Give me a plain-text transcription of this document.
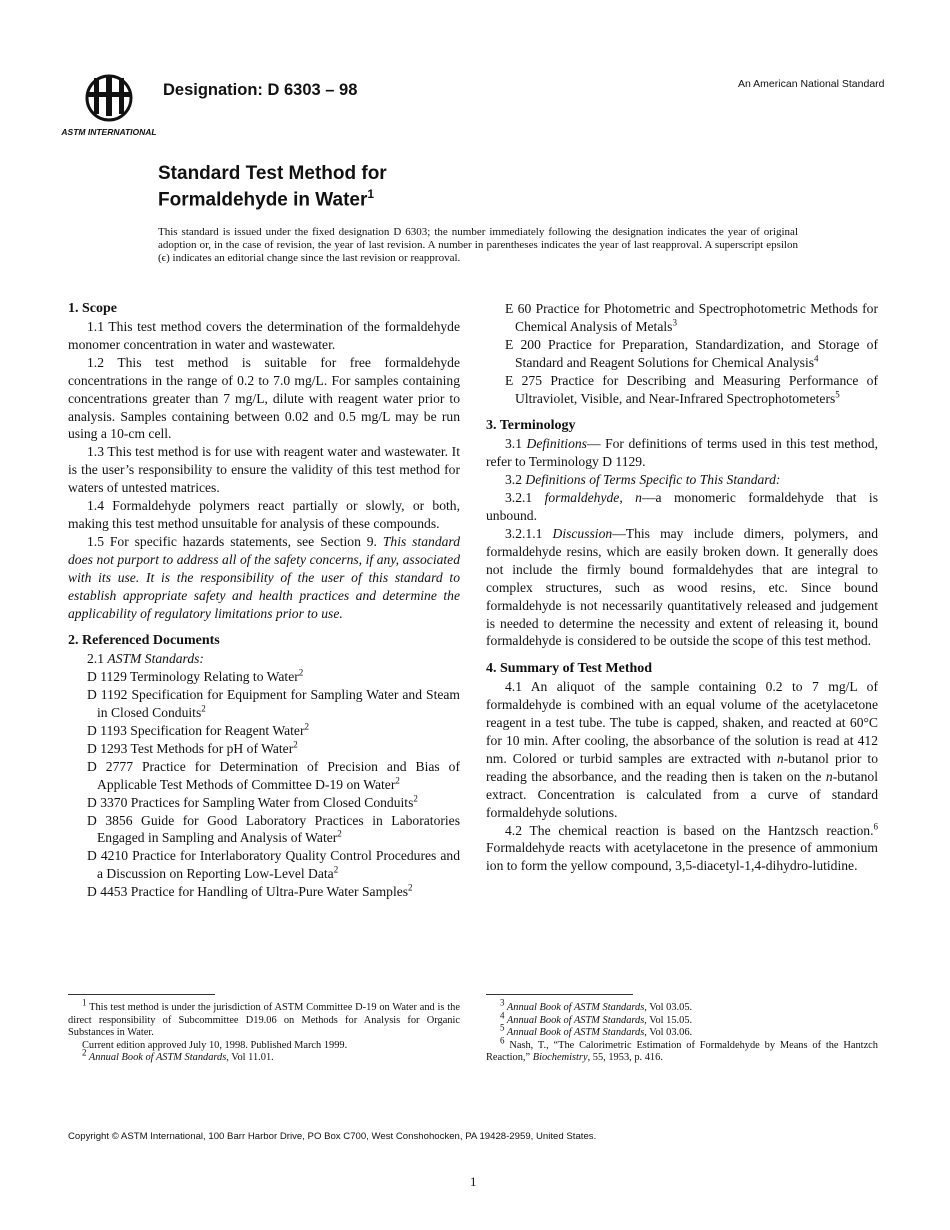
ASTM INTERNATIONAL
Designation: D 6303 – 98	An American National Standard
Standard Test Method for
Formaldehyde in Water$^1$
This standard is issued under the fixed designation D 6303; the number immediately following the designation indicates the year of original adoption or, in the case of revision, the year of last revision. A number in parentheses indicates the year of last reapproval. A superscript epsilon (ϵ) indicates an editorial change since the last revision or reapproval.
1. Scope

1.1 This test method covers the determination of the formaldehyde monomer concentration in water and wastewater.

1.2 This test method is suitable for free formaldehyde concentrations in the range of 0.2 to 7.0 mg/L. For samples containing concentrations greater than 7 mg/L, dilute with reagent water prior to analysis. Samples containing between 0.02 and 0.5 mg/L may be run using a 10-cm cell.

1.3 This test method is for use with reagent water and wastewater. It is the user’s responsibility to ensure the validity of this test method for waters of untested matrices.

1.4 Formaldehyde polymers react partially or slowly, or both, making this test method unsuitable for analysis of these compounds.

1.5 For specific hazards statements, see Section 9. This standard does not purport to address all of the safety concerns, if any, associated with its use. It is the responsibility of the user of this standard to establish appropriate safety and health practices and determine the applicability of regulatory limitations prior to use.

2. Referenced Documents

2.1 ASTM Standards:

D 1129 Terminology Relating to Water$^2$

D 1192 Specification for Equipment for Sampling Water and Steam in Closed Conduits$^2$

D 1193 Specification for Reagent Water$^2$

D 1293 Test Methods for pH of Water$^2$

D 2777 Practice for Determination of Precision and Bias of Applicable Test Methods of Committee D-19 on Water$^2$

D 3370 Practices for Sampling Water from Closed Conduits$^2$

D 3856 Guide for Good Laboratory Practices in Laboratories Engaged in Sampling and Analysis of Water$^2$

D 4210 Practice for Interlaboratory Quality Control Procedures and a Discussion on Reporting Low-Level Data$^2$

D 4453 Practice for Handling of Ultra-Pure Water Samples$^2$

E 60 Practice for Photometric and Spectrophotometric Methods for Chemical Analysis of Metals$^3$

E 200 Practice for Preparation, Standardization, and Storage of Standard and Reagent Solutions for Chemical Analysis$^4$

E 275 Practice for Describing and Measuring Performance of Ultraviolet, Visible, and Near-Infrared Spectrophotometers$^5$

3. Terminology

3.1 Definitions— For definitions of terms used in this test method, refer to Terminology D 1129.

3.2 Definitions of Terms Specific to This Standard:

3.2.1 formaldehyde, n—a monomeric formaldehyde that is unbound.

3.2.1.1 Discussion—This may include dimers, polymers, and formaldehyde resins, which are easily broken down. It generally does not include the firmly bound formaldehydes that are integral to complex structures, such as wood resins, etc. Since bound formaldehyde is not necessarily quantitatively released and judgement is needed to determine the necessity and extent of releasing it, bound formaldehyde is considered to be outside the scope of this test method.

4. Summary of Test Method

4.1 An aliquot of the sample containing 0.2 to 7 mg/L of formaldehyde is combined with an equal volume of the acetylacetone reagent in a test tube. The tube is capped, shaken, and reacted at 60°C for 10 min. After cooling, the absorbance of the solution is read at 412 nm. Colored or turbid samples are extracted with n-butanol prior to reading the absorbance, and the reading then is taken on the n-butanol extract. Concentration is calculated from a curve of standard formaldehyde solutions.

4.2 The chemical reaction is based on the Hantzsch reaction.$^6$ Formaldehyde reacts with acetylacetone in the presence of ammonium ion to form the yellow compound, 3,5-diacetyl-1,4-dihydro-lutidine.

$^1$ This test method is under the jurisdiction of ASTM Committee D-19 on Water and is the direct responsibility of Subcommittee D19.06 on Methods for Analysis for Organic Substances in Water.

Current edition approved July 10, 1998. Published March 1999.

$^2$ Annual Book of ASTM Standards, Vol 11.01.

$^3$ Annual Book of ASTM Standards, Vol 03.05.

$^4$ Annual Book of ASTM Standards, Vol 15.05.

$^5$ Annual Book of ASTM Standards, Vol 03.06.

$^6$ Nash, T., “The Calorimetric Estimation of Formaldehyde by Means of the Hantzch Reaction,” Biochemistry, 55, 1953, p. 416.

Copyright © ASTM International, 100 Barr Harbor Drive, PO Box C700, West Conshohocken, PA 19428-2959, United States.
1
